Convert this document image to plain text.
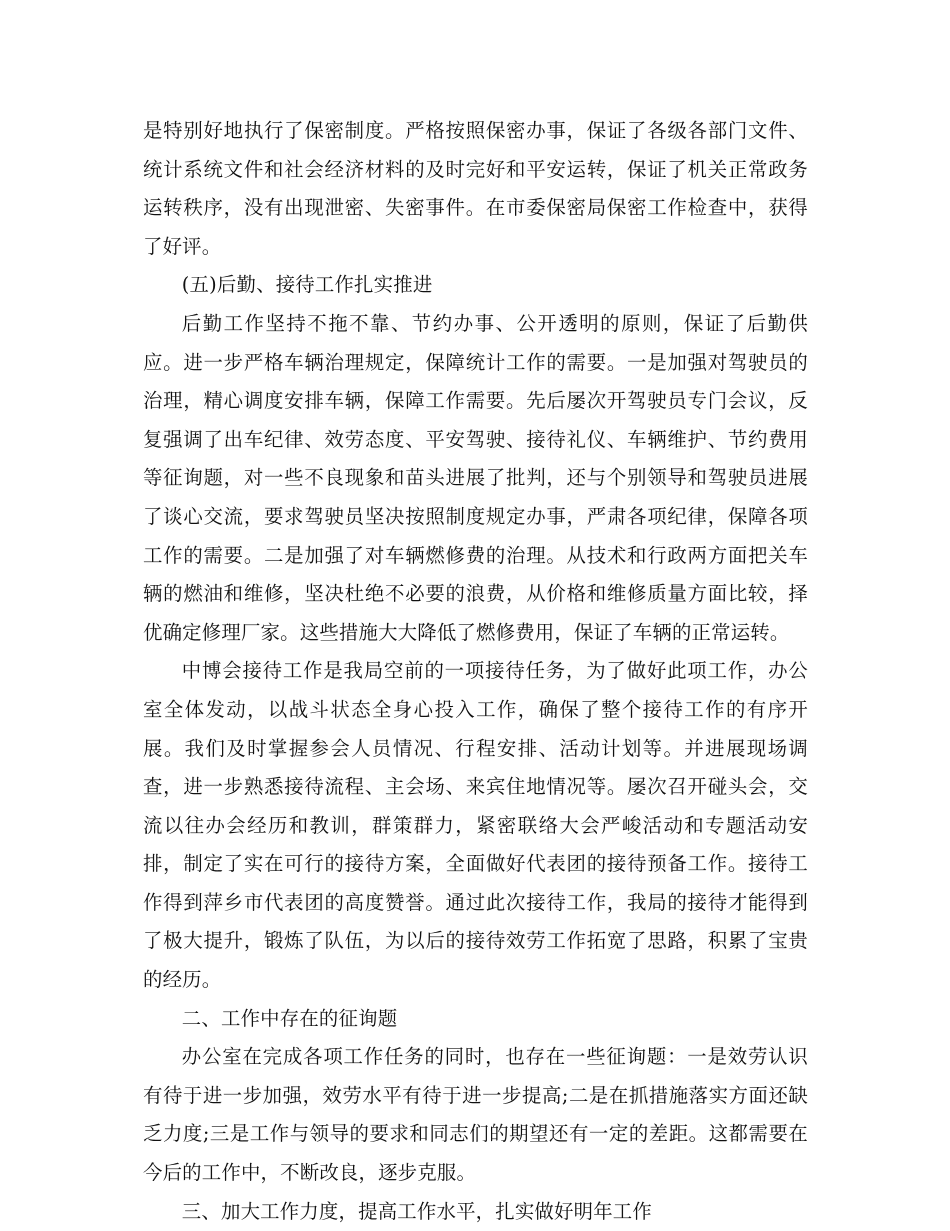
是特别好地执行了保密制度。严格按照保密办事，保证了各级各部门文件、统计系统文件和社会经济材料的及时完好和平安运转，保证了机关正常政务运转秩序，没有出现泄密、失密事件。在市委保密局保密工作检查中，获得了好评。

(五)后勤、接待工作扎实推进

后勤工作坚持不拖不靠、节约办事、公开透明的原则，保证了后勤供应。进一步严格车辆治理规定，保障统计工作的需要。一是加强对驾驶员的治理，精心调度安排车辆，保障工作需要。先后屡次开驾驶员专门会议，反复强调了出车纪律、效劳态度、平安驾驶、接待礼仪、车辆维护、节约费用等征询题，对一些不良现象和苗头进展了批判，还与个别领导和驾驶员进展了谈心交流，要求驾驶员坚决按照制度规定办事，严肃各项纪律，保障各项工作的需要。二是加强了对车辆燃修费的治理。从技术和行政两方面把关车辆的燃油和维修，坚决杜绝不必要的浪费，从价格和维修质量方面比较，择优确定修理厂家。这些措施大大降低了燃修费用，保证了车辆的正常运转。

中博会接待工作是我局空前的一项接待任务，为了做好此项工作，办公室全体发动，以战斗状态全身心投入工作，确保了整个接待工作的有序开展。我们及时掌握参会人员情况、行程安排、活动计划等。并进展现场调查，进一步熟悉接待流程、主会场、来宾住地情况等。屡次召开碰头会，交流以往办会经历和教训，群策群力，紧密联络大会严峻活动和专题活动安排，制定了实在可行的接待方案，全面做好代表团的接待预备工作。接待工作得到萍乡市代表团的高度赞誉。通过此次接待工作，我局的接待才能得到了极大提升，锻炼了队伍，为以后的接待效劳工作拓宽了思路，积累了宝贵的经历。

二、工作中存在的征询题

办公室在完成各项工作任务的同时，也存在一些征询题：一是效劳认识有待于进一步加强，效劳水平有待于进一步提高;二是在抓措施落实方面还缺乏力度;三是工作与领导的要求和同志们的期望还有一定的差距。这都需要在今后的工作中，不断改良，逐步克服。

三、加大工作力度，提高工作水平，扎实做好明年工作
